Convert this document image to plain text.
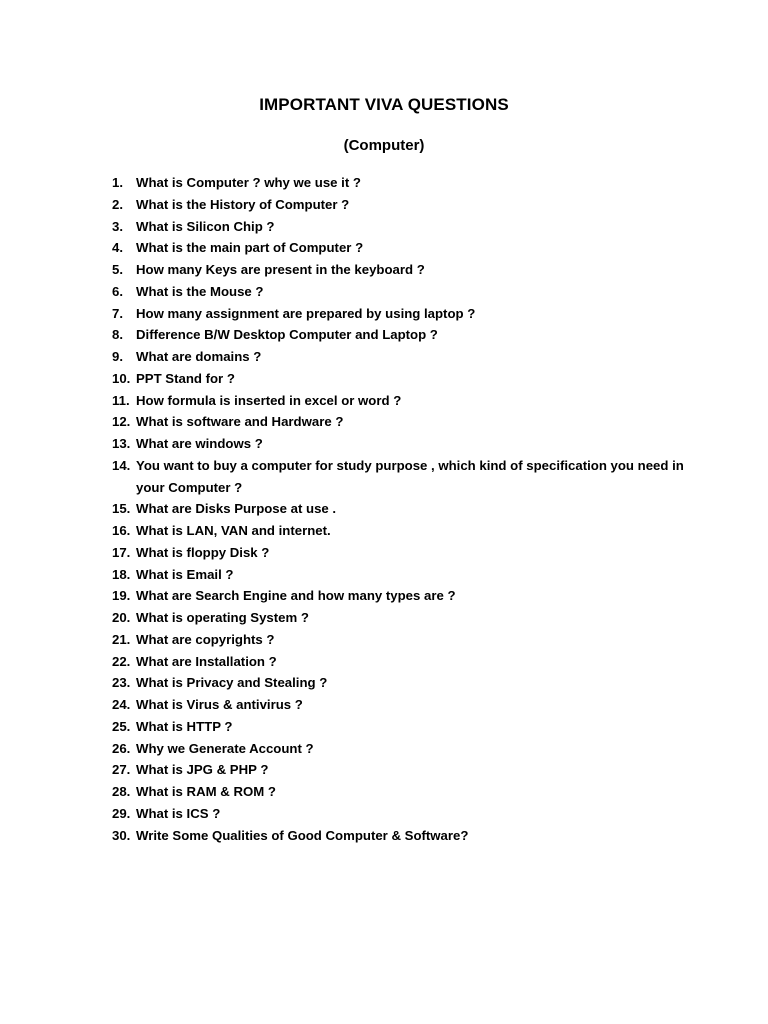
IMPORTANT VIVA QUESTIONS
(Computer)
1. What is Computer ? why we use it ?
2. What is the History of Computer ?
3. What is Silicon Chip ?
4. What is the main part of Computer ?
5. How many Keys are present in the keyboard ?
6. What is the Mouse ?
7. How many assignment are prepared by using laptop ?
8. Difference B/W Desktop Computer and Laptop ?
9. What are domains ?
10. PPT Stand for ?
11. How formula is inserted in excel or word ?
12. What is software and Hardware ?
13. What are windows ?
14. You want to buy a computer for study purpose , which kind of specification you need in your Computer ?
15. What are Disks Purpose at use .
16. What is LAN, VAN and internet.
17. What is floppy Disk ?
18. What is Email ?
19. What are Search Engine and how many types are ?
20. What is operating System ?
21. What are copyrights ?
22. What are Installation ?
23. What is Privacy and Stealing ?
24. What is Virus & antivirus ?
25. What is HTTP ?
26. Why we Generate Account ?
27. What is JPG & PHP ?
28. What is RAM & ROM ?
29. What is ICS ?
30. Write Some Qualities of Good Computer & Software?
